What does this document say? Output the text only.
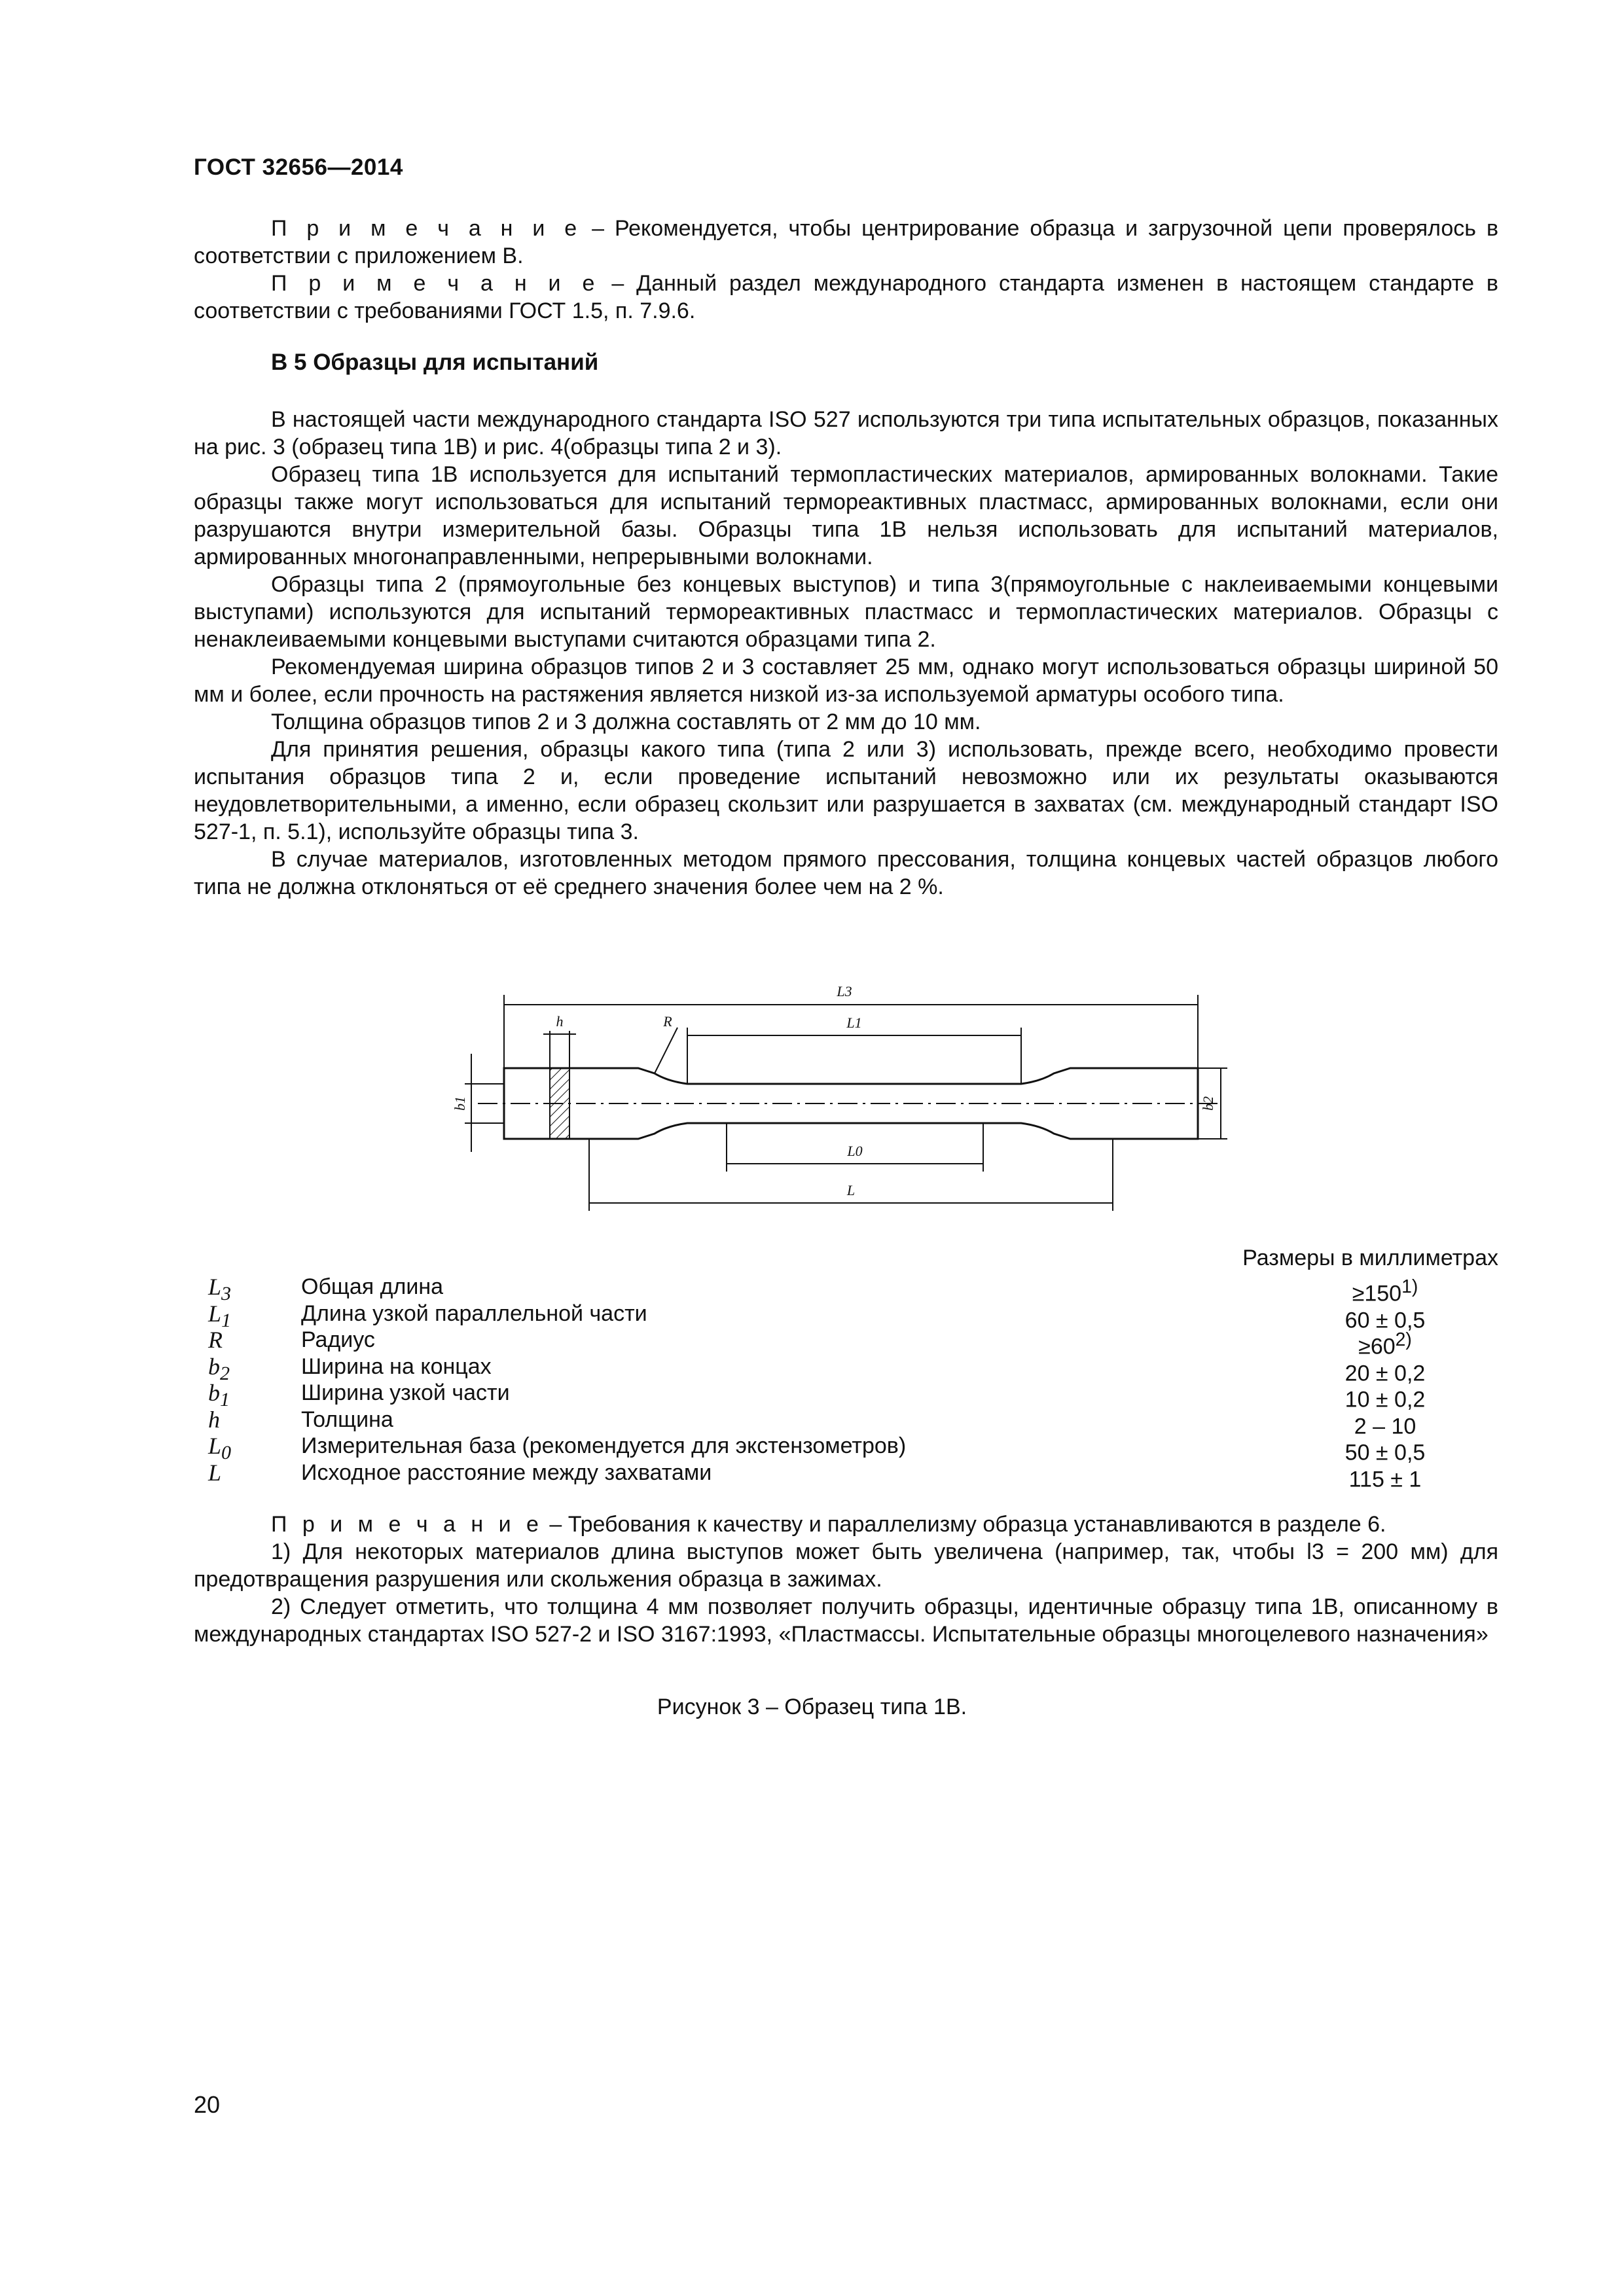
ГОСТ 32656—2014

П р и м е ч а н и е – Рекомендуется, чтобы центрирование образца и загрузочной цепи проверялось в соответствии с приложением В.

П р и м е ч а н и е – Данный раздел международного стандарта изменен в настоящем стандарте в соответствии с требованиями ГОСТ 1.5, п. 7.9.6.

В 5 Образцы для испытаний

В настоящей части международного стандарта ISO 527 используются три типа испытательных образцов, показанных на рис. 3 (образец типа 1В) и рис. 4(образцы типа 2 и 3).

Образец типа 1В используется для испытаний термопластических материалов, армированных волокнами. Такие образцы также могут использоваться для испытаний термореактивных пластмасс, армированных волокнами, если они разрушаются внутри измерительной базы. Образцы типа 1В нельзя использовать для испытаний материалов, армированных многонаправленными, непрерывными волокнами.

Образцы типа 2 (прямоугольные без концевых выступов) и типа 3(прямоугольные с наклеиваемыми концевыми выступами) используются для испытаний термореактивных пластмасс и термопластических материалов. Образцы с ненаклеиваемыми концевыми выступами считаются образцами типа 2.

Рекомендуемая ширина образцов типов 2 и 3 составляет 25 мм, однако могут использоваться образцы шириной 50 мм и более, если прочность на растяжения является низкой из-за используемой арматуры особого типа.

Толщина образцов типов 2 и 3 должна составлять от 2 мм до 10 мм.

Для принятия решения, образцы какого типа (типа 2 или 3) использовать, прежде всего, необходимо провести испытания образцов типа 2 и, если проведение испытаний невозможно или их результаты оказываются неудовлетворительными, а именно, если образец скользит или разрушается в захватах (см. международный стандарт ISO 527-1, п. 5.1), используйте образцы типа 3.

В случае материалов, изготовленных методом прямого прессования, толщина концевых частей образцов любого типа не должна отклоняться от её среднего значения более чем на 2 %.

L3
h	R	L1
L0
L
b1	b2
Размеры в миллиметрах
$L_3$	Общая длина	$\ge 150^{1)}$
$L_1$	Длина узкой параллельной части	60 ± 0,5
R	Радиус	$\ge 60^{2)}$
$b_2$	Ширина на концах	20 ± 0,2
$b_1$	Ширина узкой части	10 ± 0,2
h	Толщина	2 – 10
$L_0$	Измерительная база (рекомендуется для экстензометров)	50 ± 0,5
L	Исходное расстояние между захватами	115 ± 1

П р и м е ч а н и е – Требования к качеству и параллелизму образца устанавливаются в разделе 6.

1) Для некоторых материалов длина выступов может быть увеличена (например, так, чтобы l3 = 200 мм) для предотвращения разрушения или скольжения образца в зажимах.

2) Следует отметить, что толщина 4 мм позволяет получить образцы, идентичные образцу типа 1В, описанному в международных стандартах ISO 527-2 и ISO 3167:1993, «Пластмассы. Испытательные образцы многоцелевого назначения»

Рисунок 3 – Образец типа 1В.
20
